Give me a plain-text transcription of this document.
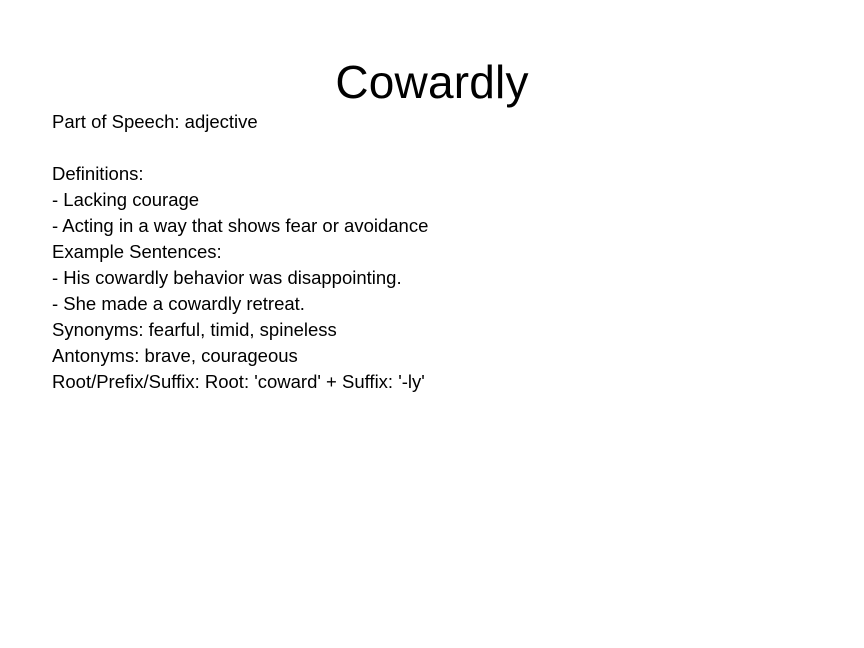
Cowardly
Part of Speech: adjective
Definitions:
- Lacking courage
- Acting in a way that shows fear or avoidance
Example Sentences:
- His cowardly behavior was disappointing.
- She made a cowardly retreat.
Synonyms: fearful, timid, spineless
Antonyms: brave, courageous
Root/Prefix/Suffix: Root: 'coward' + Suffix: '-ly'
